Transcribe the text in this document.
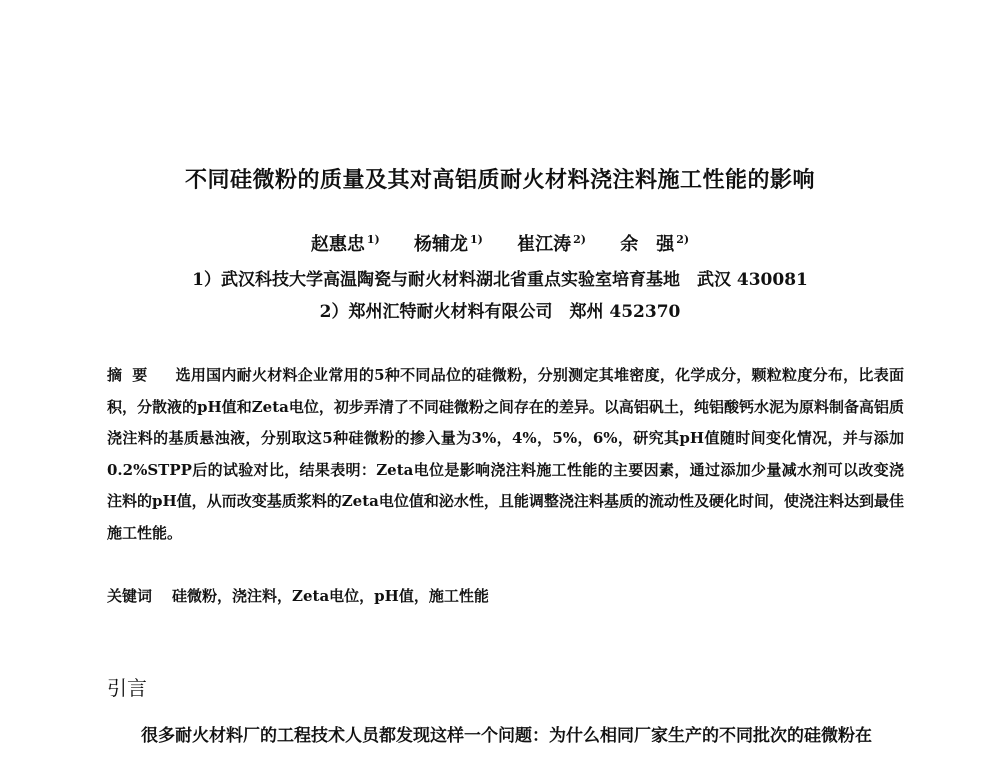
不同硅微粉的质量及其对高铝质耐火材料浇注料施工性能的影响
赵惠忠 $^{1)}$ 杨辅龙 $^{1)}$ 崔江涛 $^{2)}$ 余　强 $^{2)}$
1）武汉科技大学高温陶瓷与耐火材料湖北省重点实验室培育基地　武汉 430081
2）郑州汇特耐火材料有限公司　郑州 452370
摘要 选用国内耐火材料企业常用的5种不同品位的硅微粉，分别测定其堆密度，化学成分，颗粒粒度分布，比表面积，分散液的pH值和Zeta电位，初步弄清了不同硅微粉之间存在的差异。以高铝矾土，纯铝酸钙水泥为原料制备高铝质浇注料的基质悬浊液，分别取这5种硅微粉的掺入量为3%，4%，5%，6%，研究其pH值随时间变化情况，并与添加0.2%STPP后的试验对比，结果表明：Zeta电位是影响浇注料施工性能的主要因素，通过添加少量减水剂可以改变浇注料的pH值，从而改变基质浆料的Zeta电位值和泌水性，且能调整浇注料基质的流动性及硬化时间，使浇注料达到最佳施工性能。
关键词 硅微粉，浇注料，Zeta电位，pH值，施工性能
引言
很多耐火材料厂的工程技术人员都发现这样一个问题：为什么相同厂家生产的不同批次的硅微粉在
